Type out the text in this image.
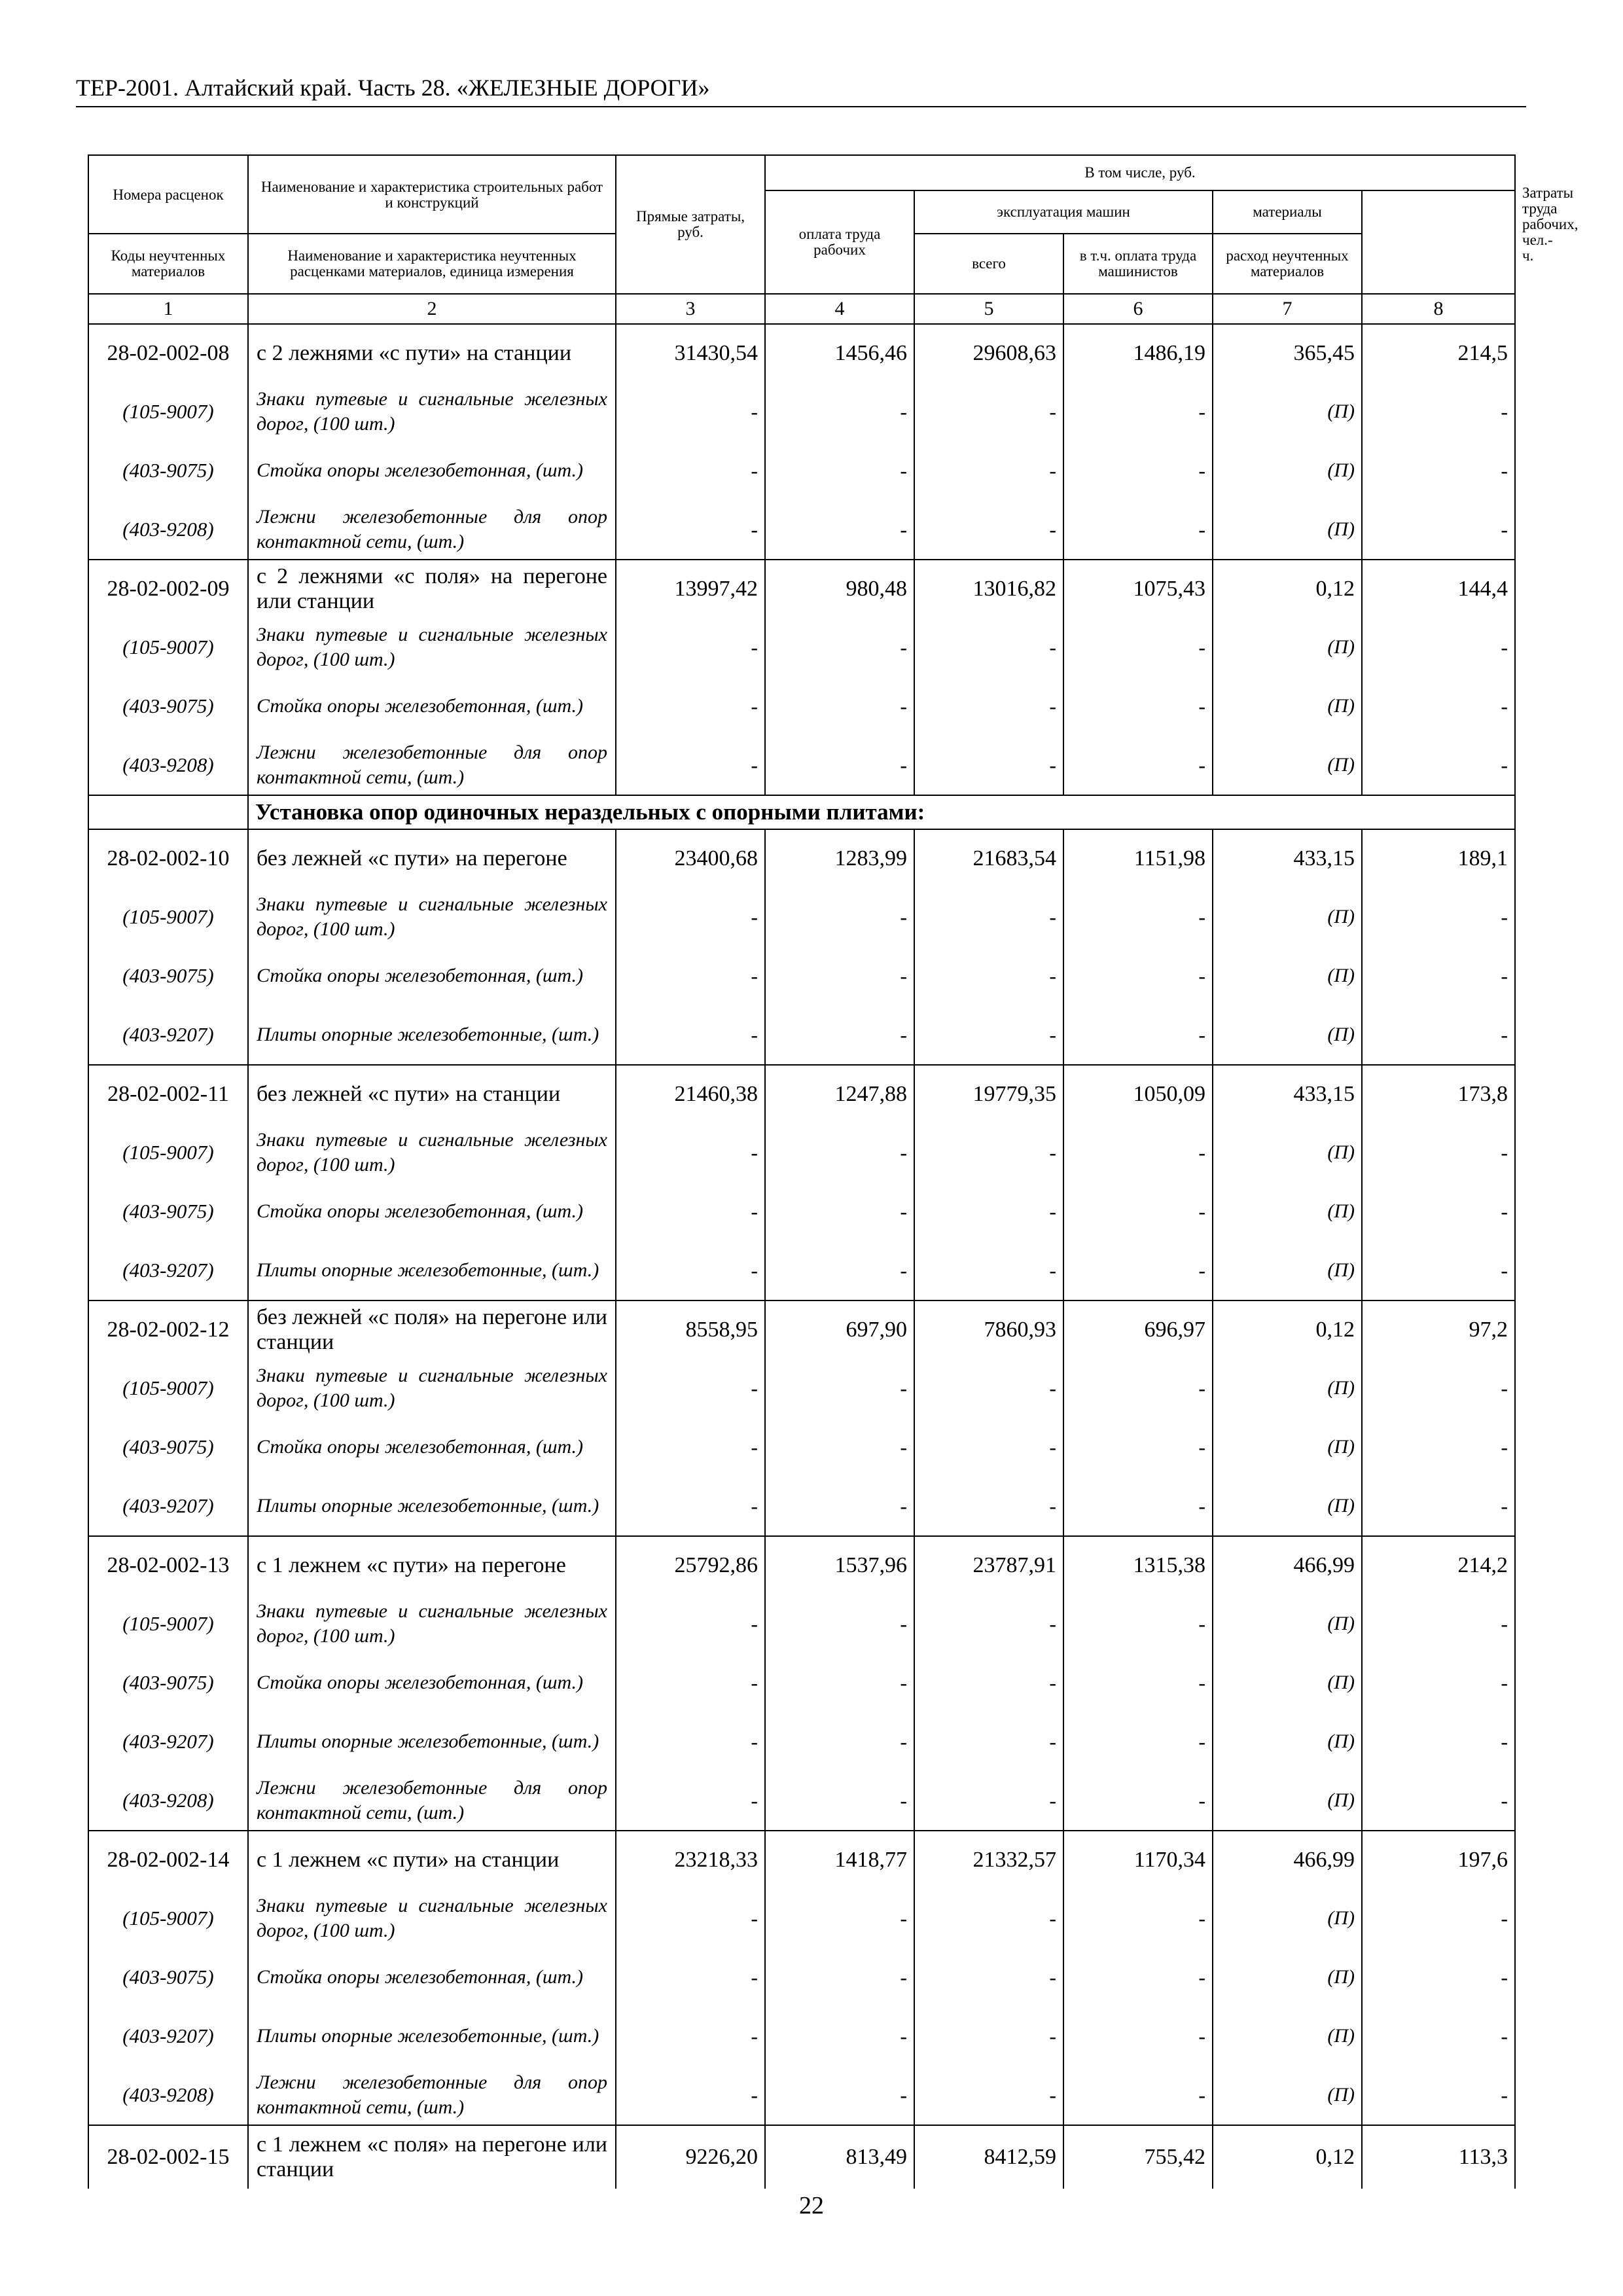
ТЕР-2001. Алтайский край. Часть 28. «ЖЕЛЕЗНЫЕ ДОРОГИ»
Номера расценок	Наименование и характеристика строительных работ и конструкций	Прямые затраты, руб.	В том числе, руб.					Затраты труда рабочих, чел.-ч.
			оплата труда рабочих	эксплуатация машин		материалы		
				всего	в т.ч. оплата труда машинистов	расход неучтенных материалов		

Коды неучтенных материалов	Наименование и характеристика неучтенных расценками материалов, единица измерения							
1	2	3	4	5	6	7	8	
28-02-002-08	с 2 лежнями «с пути» на станции	31430,54	1456,46	29608,63	1486,19	365,45	214,5	
(105-9007)	Знаки путевые и сигнальные железных дорог, (100 шт.)	-	-	-	-	(П)	-	
(403-9075)	Стойка опоры железобетонная, (шт.)	-	-	-	-	(П)	-	
(403-9208)	Лежни железобетонные для опор контактной сети, (шт.)	-	-	-	-	(П)	-	
28-02-002-09	с 2 лежнями «с поля» на перегоне или станции	13997,42	980,48	13016,82	1075,43	0,12	144,4	
(105-9007)	Знаки путевые и сигнальные железных дорог, (100 шт.)	-	-	-	-	(П)	-	
(403-9075)	Стойка опоры железобетонная, (шт.)	-	-	-	-	(П)	-	
(403-9208)	Лежни железобетонные для опор контактной сети, (шт.)	-	-	-	-	(П)	-	
	Установка опор одиночных нераздельных с опорными плитами:							
28-02-002-10	без лежней «с пути» на перегоне	23400,68	1283,99	21683,54	1151,98	433,15	189,1	
(105-9007)	Знаки путевые и сигнальные железных дорог, (100 шт.)	-	-	-	-	(П)	-	
(403-9075)	Стойка опоры железобетонная, (шт.)	-	-	-	-	(П)	-	
(403-9207)	Плиты опорные железобетонные, (шт.)	-	-	-	-	(П)	-	
28-02-002-11	без лежней «с пути» на станции	21460,38	1247,88	19779,35	1050,09	433,15	173,8	
(105-9007)	Знаки путевые и сигнальные железных дорог, (100 шт.)	-	-	-	-	(П)	-	
(403-9075)	Стойка опоры железобетонная, (шт.)	-	-	-	-	(П)	-	
(403-9207)	Плиты опорные железобетонные, (шт.)	-	-	-	-	(П)	-	
28-02-002-12	без лежней «с поля» на перегоне или станции	8558,95	697,90	7860,93	696,97	0,12	97,2	
(105-9007)	Знаки путевые и сигнальные железных дорог, (100 шт.)	-	-	-	-	(П)	-	
(403-9075)	Стойка опоры железобетонная, (шт.)	-	-	-	-	(П)	-	
(403-9207)	Плиты опорные железобетонные, (шт.)	-	-	-	-	(П)	-	
28-02-002-13	с 1 лежнем «с пути» на перегоне	25792,86	1537,96	23787,91	1315,38	466,99	214,2	
(105-9007)	Знаки путевые и сигнальные железных дорог, (100 шт.)	-	-	-	-	(П)	-	
(403-9075)	Стойка опоры железобетонная, (шт.)	-	-	-	-	(П)	-	
(403-9207)	Плиты опорные железобетонные, (шт.)	-	-	-	-	(П)	-	
(403-9208)	Лежни железобетонные для опор контактной сети, (шт.)	-	-	-	-	(П)	-	
28-02-002-14	с 1 лежнем «с пути» на станции	23218,33	1418,77	21332,57	1170,34	466,99	197,6	
(105-9007)	Знаки путевые и сигнальные железных дорог, (100 шт.)	-	-	-	-	(П)	-	
(403-9075)	Стойка опоры железобетонная, (шт.)	-	-	-	-	(П)	-	
(403-9207)	Плиты опорные железобетонные, (шт.)	-	-	-	-	(П)	-	
(403-9208)	Лежни железобетонные для опор контактной сети, (шт.)	-	-	-	-	(П)	-	
28-02-002-15	с 1 лежнем «с поля» на перегоне или станции	9226,20	813,49	8412,59	755,42	0,12	113,3	
22
